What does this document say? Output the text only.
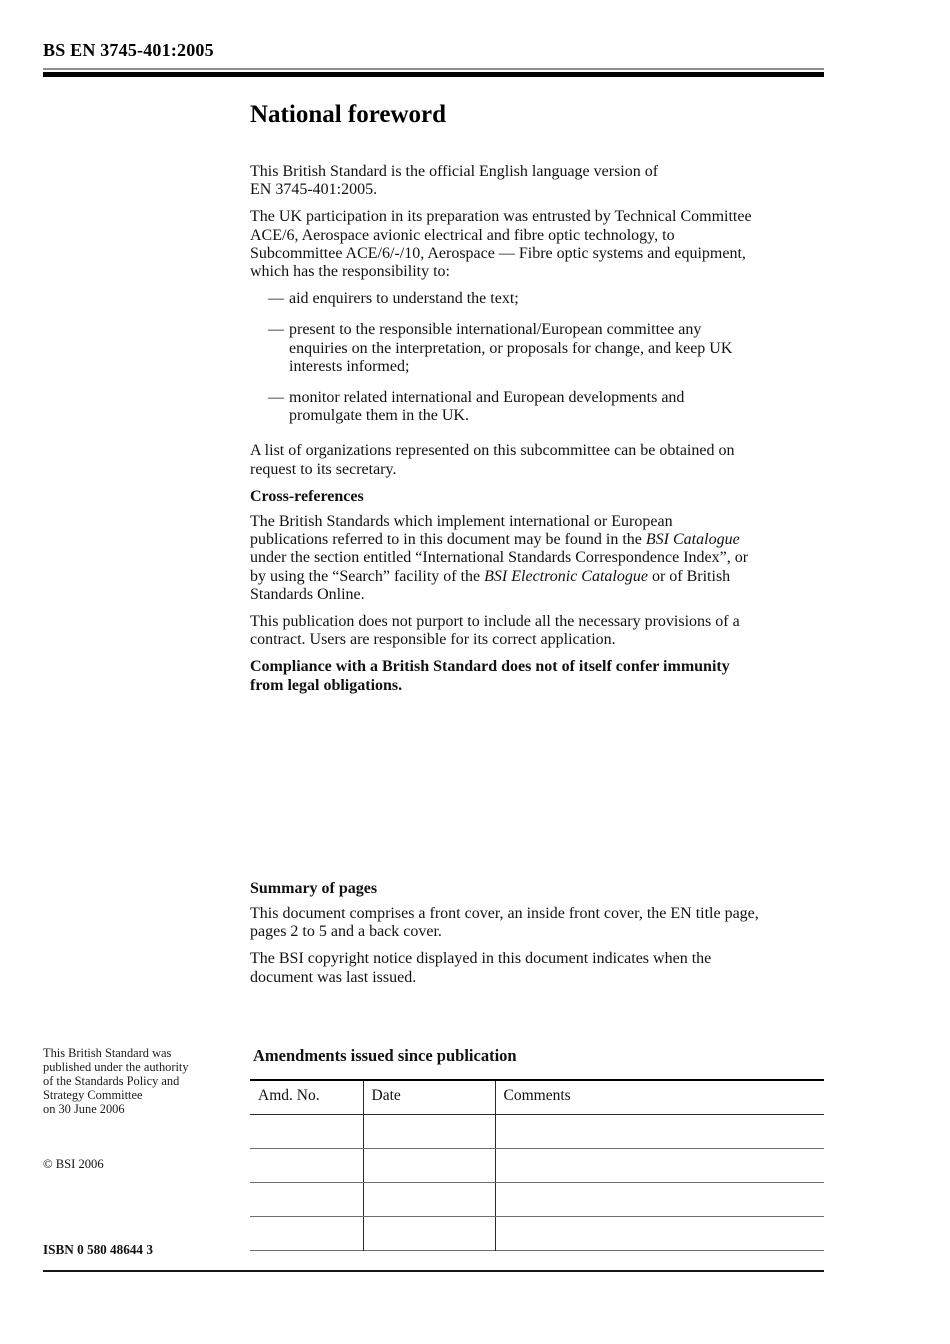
BS EN 3745-401:2005
National foreword

This British Standard is the official English language version of
EN 3745-401:2005.

The UK participation in its preparation was entrusted by Technical Committee
ACE/6, Aerospace avionic electrical and fibre optic technology, to
Subcommittee ACE/6/-/10, Aerospace — Fibre optic systems and equipment,
which has the responsibility to:

— aid enquirers to understand the text;
— present to the responsible international/European committee any
enquiries on the interpretation, or proposals for change, and keep UK
interests informed;
— monitor related international and European developments and
promulgate them in the UK.

A list of organizations represented on this subcommittee can be obtained on
request to its secretary.

Cross-references

The British Standards which implement international or European
publications referred to in this document may be found in the BSI Catalogue
under the section entitled “International Standards Correspondence Index”, or
by using the “Search” facility of the BSI Electronic Catalogue or of British
Standards Online.

This publication does not purport to include all the necessary provisions of a
contract. Users are responsible for its correct application.

Compliance with a British Standard does not of itself confer immunity
from legal obligations.

Summary of pages

This document comprises a front cover, an inside front cover, the EN title page,
pages 2 to 5 and a back cover.

The BSI copyright notice displayed in this document indicates when the
document was last issued.

This British Standard was
published under the authority
of the Standards Policy and
Strategy Committee
on 30 June 2006
© BSI 2006
ISBN 0 580 48644 3
Amendments issued since publication
Amd. No.	Date	Comments
